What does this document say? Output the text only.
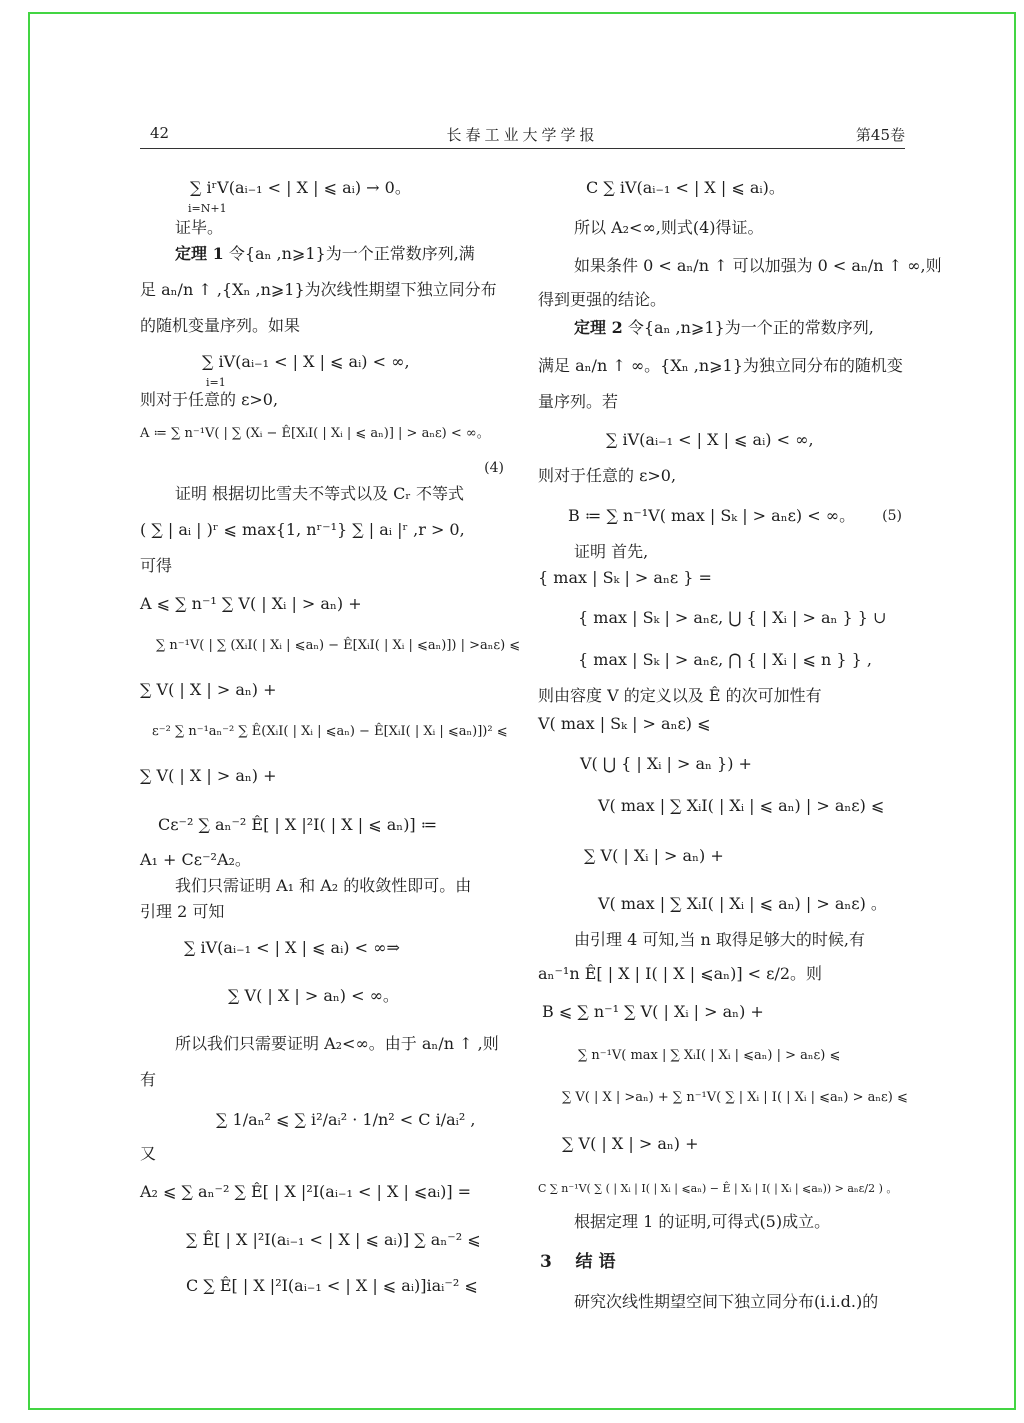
42	长春工业大学学报	第45卷
∑ iʳV(aᵢ₋₁ < | X | ⩽ aᵢ) → 0。
i=N+1
证毕。
定理 1 令{aₙ ,n⩾1}为一个正常数序列,满
足 aₙ/n ↑ ,{Xₙ ,n⩾1}为次线性期望下独立同分布
的随机变量序列。如果
∑ iV(aᵢ₋₁ < | X | ⩽ aᵢ) < ∞,
i=1
则对于任意的 ε>0,
A ≔ ∑ n⁻¹V( | ∑ (Xᵢ − Ê[XᵢI( | Xᵢ | ⩽ aₙ)] | > aₙε) < ∞。
(4)
证明 根据切比雪夫不等式以及 Cᵣ 不等式
( ∑ | aᵢ | )ʳ ⩽ max{1, nʳ⁻¹} ∑ | aᵢ |ʳ ,r > 0,
可得
A ⩽ ∑ n⁻¹ ∑ V( | Xᵢ | > aₙ) +
∑ n⁻¹V( | ∑ (XᵢI( | Xᵢ | ⩽aₙ) − Ê[XᵢI( | Xᵢ | ⩽aₙ)]) | >aₙε) ⩽
∑ V( | X | > aₙ) +
ε⁻² ∑ n⁻¹aₙ⁻² ∑ Ê(XᵢI( | Xᵢ | ⩽aₙ) − Ê[XᵢI( | Xᵢ | ⩽aₙ)])² ⩽
∑ V( | X | > aₙ) +
Cε⁻² ∑ aₙ⁻² Ê[ | X |²I( | X | ⩽ aₙ)] ≔
A₁ + Cε⁻²A₂。
我们只需证明 A₁ 和 A₂ 的收敛性即可。由
引理 2 可知
∑ iV(aᵢ₋₁ < | X | ⩽ aᵢ) < ∞⇒
∑ V( | X | > aₙ) < ∞。
所以我们只需要证明 A₂<∞。由于 aₙ/n ↑ ,则
有
∑ 1/aₙ² ⩽ ∑ i²/aᵢ² · 1/n² < C i/aᵢ² ,
又
A₂ ⩽ ∑ aₙ⁻² ∑ Ê[ | X |²I(aᵢ₋₁ < | X | ⩽aᵢ)] =
∑ Ê[ | X |²I(aᵢ₋₁ < | X | ⩽ aᵢ)] ∑ aₙ⁻² ⩽
C ∑ Ê[ | X |²I(aᵢ₋₁ < | X | ⩽ aᵢ)]iaᵢ⁻² ⩽
C ∑ iV(aᵢ₋₁ < | X | ⩽ aᵢ)。
所以 A₂<∞,则式(4)得证。
如果条件 0 < aₙ/n ↑ 可以加强为 0 < aₙ/n ↑ ∞,则
得到更强的结论。
定理 2 令{aₙ ,n⩾1}为一个正的常数序列,
满足 aₙ/n ↑ ∞。{Xₙ ,n⩾1}为独立同分布的随机变
量序列。若
∑ iV(aᵢ₋₁ < | X | ⩽ aᵢ) < ∞,
则对于任意的 ε>0,
B ≔ ∑ n⁻¹V( max | Sₖ | > aₙε) < ∞。 (5)
证明 首先,
{ max | Sₖ | > aₙε } =
{ max | Sₖ | > aₙε, ⋃ { | Xᵢ | > aₙ } } ∪
{ max | Sₖ | > aₙε, ⋂ { | Xᵢ | ⩽ n } } ,
则由容度 V 的定义以及 Ê 的次可加性有
V( max | Sₖ | > aₙε) ⩽
V( ⋃ { | Xᵢ | > aₙ }) +
V( max | ∑ XᵢI( | Xᵢ | ⩽ aₙ) | > aₙε) ⩽
∑ V( | Xᵢ | > aₙ) +
V( max | ∑ XᵢI( | Xᵢ | ⩽ aₙ) | > aₙε) 。
由引理 4 可知,当 n 取得足够大的时候,有
aₙ⁻¹n Ê[ | X | I( | X | ⩽aₙ)] < ε/2。则
B ⩽ ∑ n⁻¹ ∑ V( | Xᵢ | > aₙ) +
∑ n⁻¹V( max | ∑ XᵢI( | Xᵢ | ⩽aₙ) | > aₙε) ⩽
∑ V( | X | >aₙ) + ∑ n⁻¹V( ∑ | Xᵢ | I( | Xᵢ | ⩽aₙ) > aₙε) ⩽
∑ V( | X | > aₙ) +
C ∑ n⁻¹V( ∑ ( | Xᵢ | I( | Xᵢ | ⩽aₙ) − Ê | Xᵢ | I( | Xᵢ | ⩽aₙ)) > aₙε/2 ) 。
根据定理 1 的证明,可得式(5)成立。
3 结 语
研究次线性期望空间下独立同分布(i.i.d.)的
